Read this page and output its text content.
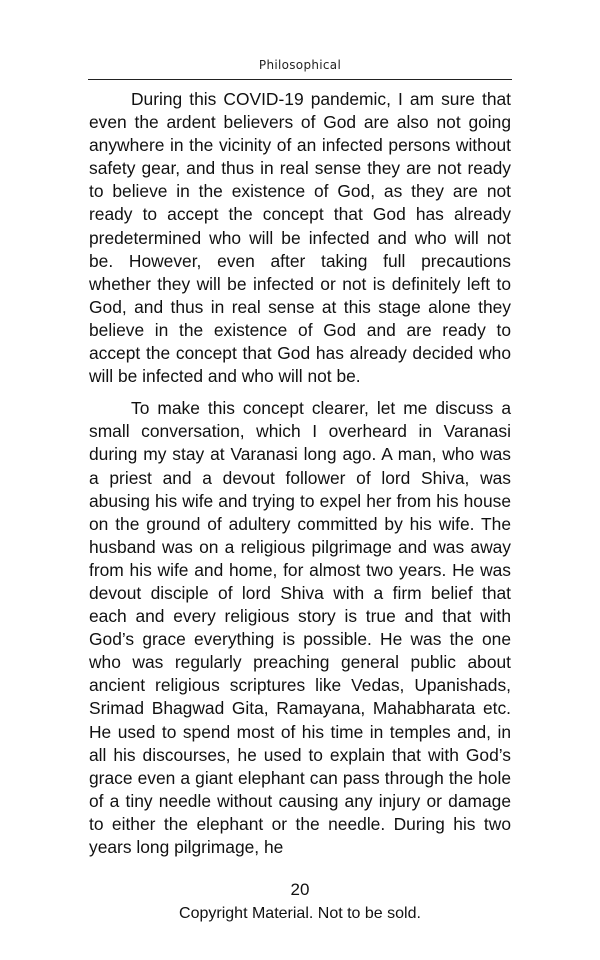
Philosophical

During this COVID-19 pandemic, I am sure that even the ardent believers of God are also not going anywhere in the vicinity of an infected persons without safety gear, and thus in real sense they are not ready to believe in the existence of God, as they are not ready to accept the concept that God has already predetermined who will be infected and who will not be. However, even after taking full precautions whether they will be infected or not is definitely left to God, and thus in real sense at this stage alone they believe in the existence of God and are ready to accept the concept that God has already decided who will be infected and who will not be.

To make this concept clearer, let me discuss a small conversation, which I overheard in Varanasi during my stay at Varanasi long ago. A man, who was a priest and a devout follower of lord Shiva, was abusing his wife and trying to expel her from his house on the ground of adultery committed by his wife. The husband was on a religious pilgrimage and was away from his wife and home, for almost two years. He was devout disciple of lord Shiva with a firm belief that each and every religious story is true and that with God’s grace everything is possible. He was the one who was regularly preaching general public about ancient religious scriptures like Vedas, Upanishads, Srimad Bhagwad Gita, Ramayana, Mahabharata etc. He used to spend most of his time in temples and, in all his discourses, he used to explain that with God’s grace even a giant elephant can pass through the hole of a tiny needle without causing any injury or damage to either the elephant or the needle. During his two years long pilgrimage, he

20
Copyright Material. Not to be sold.
